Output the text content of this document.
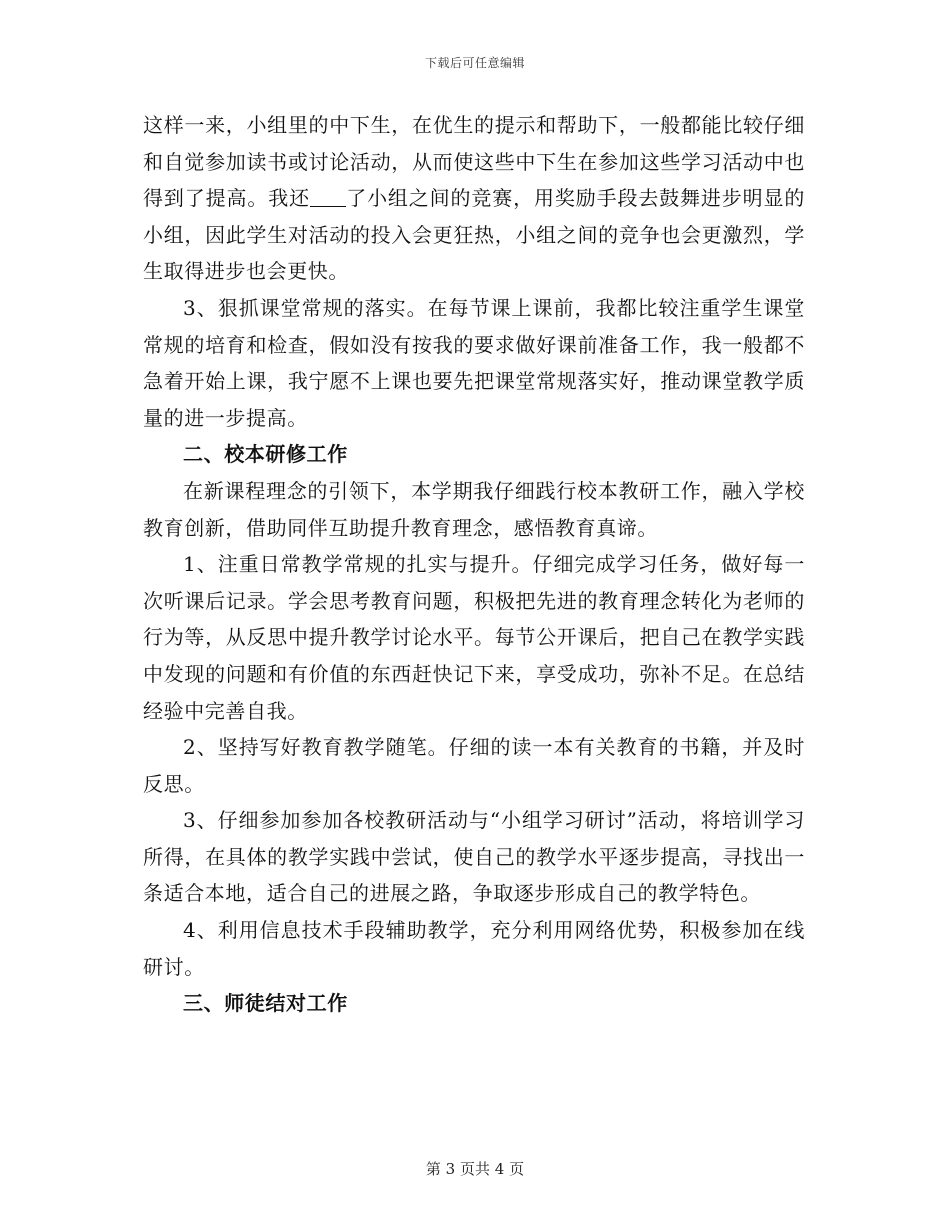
下载后可任意编辑

这样一来，小组里的中下生，在优生的提示和帮助下，一般都能比较仔细和自觉参加读书或讨论活动，从而使这些中下生在参加这些学习活动中也得到了提高。我还 了小组之间的竞赛，用奖励手段去鼓舞进步明显的小组，因此学生对活动的投入会更狂热，小组之间的竞争也会更激烈，学生取得进步也会更快。

3、狠抓课堂常规的落实。在每节课上课前，我都比较注重学生课堂常规的培育和检查，假如没有按我的要求做好课前准备工作，我一般都不急着开始上课，我宁愿不上课也要先把课堂常规落实好，推动课堂教学质量的进一步提高。

二、校本研修工作

在新课程理念的引领下，本学期我仔细践行校本教研工作，融入学校教育创新，借助同伴互助提升教育理念，感悟教育真谛。

1、注重日常教学常规的扎实与提升。仔细完成学习任务，做好每一次听课后记录。学会思考教育问题，积极把先进的教育理念转化为老师的行为等，从反思中提升教学讨论水平。每节公开课后，把自己在教学实践中发现的问题和有价值的东西赶快记下来，享受成功，弥补不足。在总结经验中完善自我。

2、坚持写好教育教学随笔。仔细的读一本有关教育的书籍，并及时反思。

3、仔细参加参加各校教研活动与“小组学习研讨”活动，将培训学习所得，在具体的教学实践中尝试，使自己的教学水平逐步提高，寻找出一条适合本地，适合自己的进展之路，争取逐步形成自己的教学特色。

4、利用信息技术手段辅助教学，充分利用网络优势，积极参加在线研讨。

三、师徒结对工作

第 3 页共 4 页
